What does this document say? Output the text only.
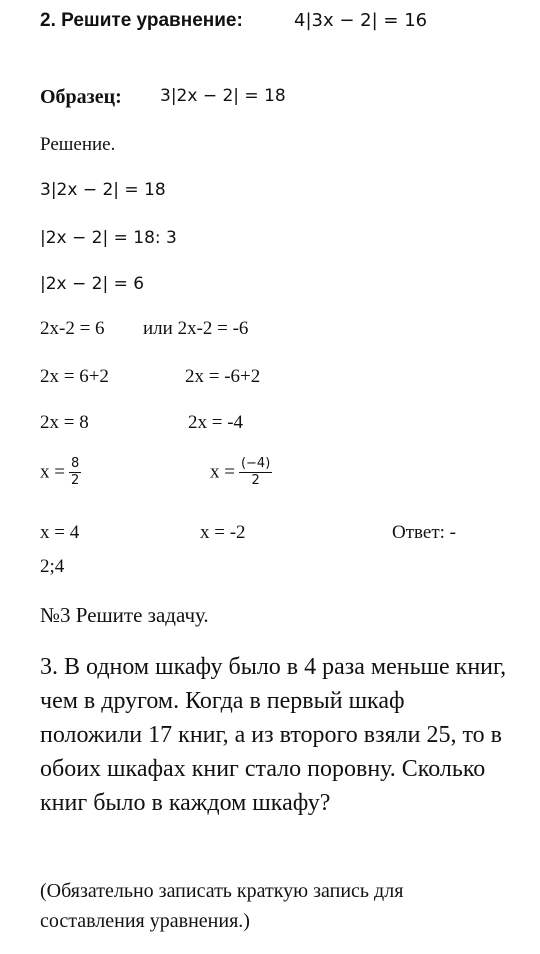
2. Решите уравнение:	4|3x − 2| = 16
Образец: 3|2x − 2| = 18
Решение.
3|2x − 2| = 18
|2x − 2| = 18: 3
|2x − 2| = 6
2x-2 = 6 или 2x-2 = -6
2x = 6+2	2x = -6+2
2x = 8	2x = -4
$x = \frac{8}{2}$	$x = \frac{(-4)}{2}$
x = 4	x = -2	Ответ: -
2;4
№3 Решите задачу.
3. В одном шкафу было в 4 раза меньше книг, чем в другом. Когда в первый шкаф положили 17 книг, а из второго взяли 25, то в обоих шкафах книг стало поровну. Сколько книг было в каждом шкафу?
(Обязательно записать краткую запись для составления уравнения.)
